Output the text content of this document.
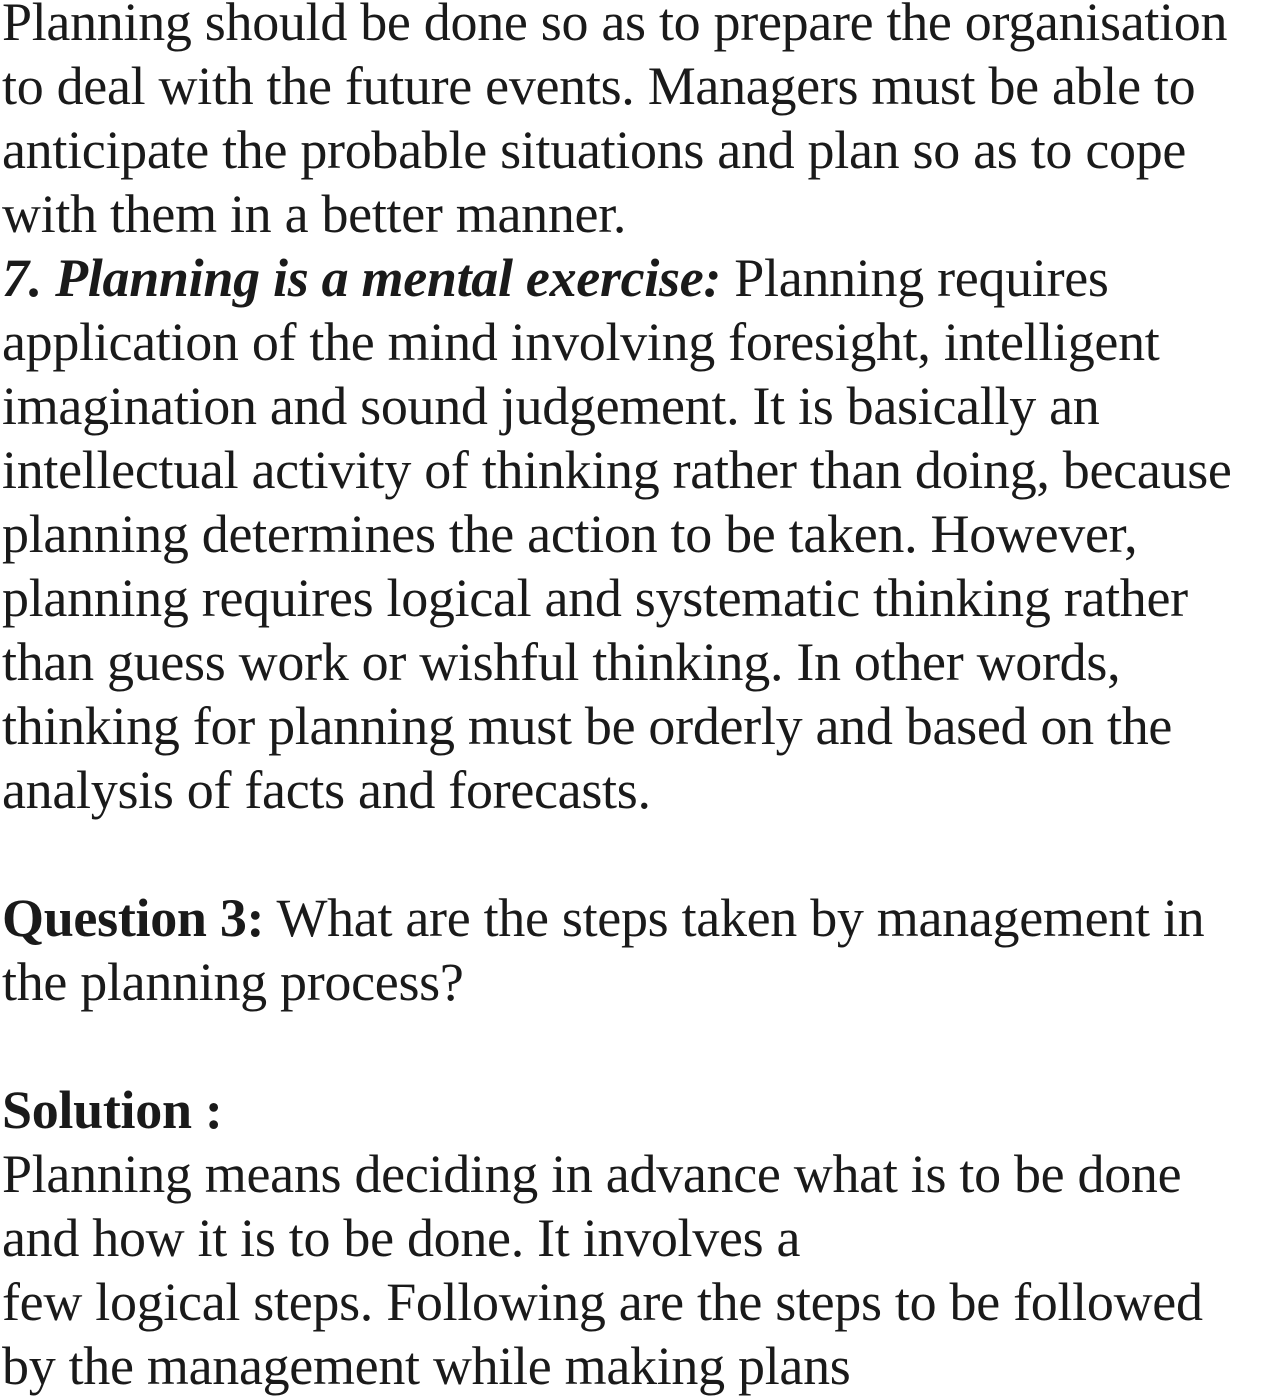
Planning should be done so as to prepare the organisation
to deal with the future events. Managers must be able to
anticipate the probable situations and plan so as to cope
with them in a better manner.
7. Planning is a mental exercise: Planning requires
application of the mind involving foresight, intelligent
imagination and sound judgement. It is basically an
intellectual activity of thinking rather than doing, because
planning determines the action to be taken. However,
planning requires logical and systematic thinking rather
than guess work or wishful thinking. In other words,
thinking for planning must be orderly and based on the
analysis of facts and forecasts.
Question 3: What are the steps taken by management in
the planning process?
Solution :
Planning means deciding in advance what is to be done
and how it is to be done. It involves a
few logical steps. Following are the steps to be followed
by the management while making plans
